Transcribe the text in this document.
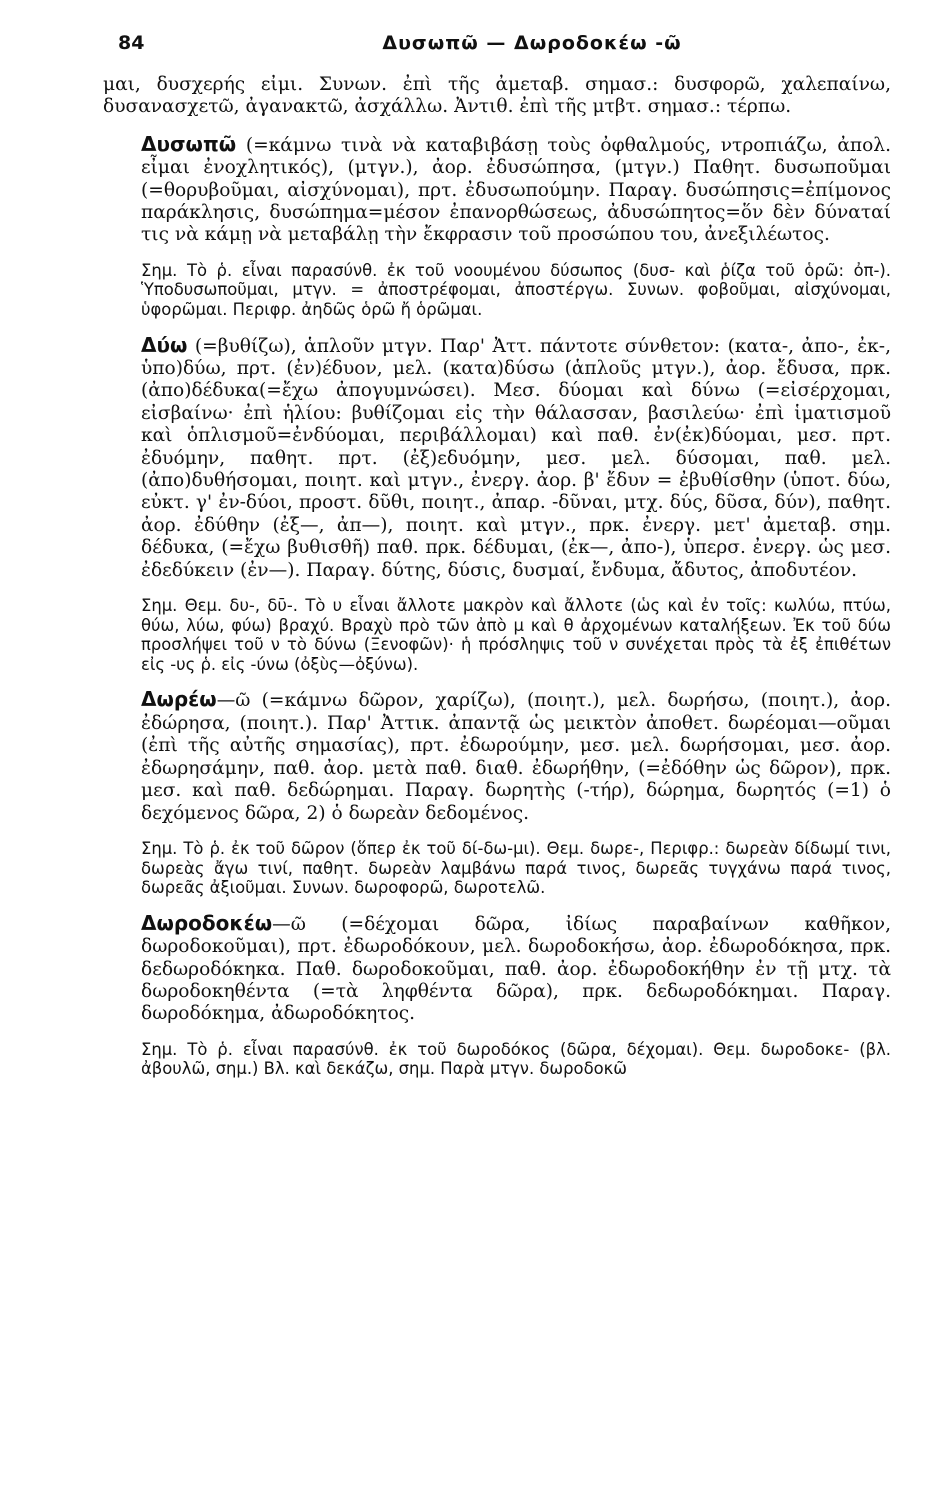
84	Δυσωπῶ — Δωροδοκέω -ῶ

μαι, δυσχερής εἰμι. Συνων. ἐπὶ τῆς ἀμεταβ. σημασ.: δυσφορῶ, χαλεπαίνω, δυσανασχετῶ, ἀγανακτῶ, ἀσχάλλω. Ἀντιθ. ἐπὶ τῆς μτβτ. σημασ.: τέρπω.

Δυσωπῶ (=κάμνω τινὰ νὰ καταβιβάσῃ τοὺς ὀφθαλμούς, ντροπιάζω, ἀπολ. εἶμαι ἐνοχλητικός), (μτγν.), ἀορ. ἐδυσώπησα, (μτγν.) Παθητ. δυσωποῦμαι (=θορυβοῦμαι, αἰσχύνομαι), πρτ. ἐδυσωπούμην. Παραγ. δυσώπησις=ἐπίμονος παράκλησις, δυσώπημα=μέσον ἐπανορθώσεως, ἀδυσώπητος=ὅν δὲν δύναταί τις νὰ κάμῃ νὰ μεταβάλῃ τὴν ἔκφρασιν τοῦ προσώπου του, ἀνεξιλέωτος.

Σημ. Τὸ ῥ. εἶναι παρασύνθ. ἐκ τοῦ νοουμένου δύσωπος (δυσ- καὶ ῥίζα τοῦ ὁρῶ: ὀπ-). Ὑποδυσωποῦμαι, μτγν. = ἀποστρέφομαι, ἀποστέργω. Συνων. φοβοῦμαι, αἰσχύνομαι, ὑφορῶμαι. Περιφρ. ἀηδῶς ὁρῶ ἤ ὁρῶμαι.

Δύω (=βυθίζω), ἁπλοῦν μτγν. Παρ' Ἀττ. πάντοτε σύνθετον: (κατα-, ἀπο-, ἐκ-, ὑπο)δύω, πρτ. (ἐν)έδυον, μελ. (κατα)δύσω (ἁπλοῦς μτγν.), ἀορ. ἔδυσα, πρκ. (ἀπο)δέδυκα(=ἔχω ἀπογυμνώσει). Μεσ. δύομαι καὶ δύνω (=εἰσέρχομαι, εἰσβαίνω· ἐπὶ ἡλίου: βυθίζομαι εἰς τὴν θάλασσαν, βασιλεύω· ἐπὶ ἱματισμοῦ καὶ ὁπλισμοῦ=ἐνδύομαι, περιβάλλομαι) καὶ παθ. ἐν(ἐκ)δύομαι, μεσ. πρτ. ἐδυόμην, παθητ. πρτ. (ἐξ)εδυόμην, μεσ. μελ. δύσομαι, παθ. μελ. (ἀπο)δυθήσομαι, ποιητ. καὶ μτγν., ἐνεργ. ἀορ. β' ἔδυν = ἐβυθίσθην (ὑποτ. δύω, εὐκτ. γ' ἐν-δύοι, προστ. δῦθι, ποιητ., ἀπαρ. -δῦναι, μτχ. δύς, δῦσα, δύν), παθητ. ἀορ. ἐδύθην (ἐξ—, ἀπ—), ποιητ. καὶ μτγν., πρκ. ἐνεργ. μετ' ἀμεταβ. σημ. δέδυκα, (=ἔχω βυθισθῆ) παθ. πρκ. δέδυμαι, (ἐκ—, ἀπο-), ὑπερσ. ἐνεργ. ὡς μεσ. ἐδεδύκειν (ἐν—). Παραγ. δύτης, δύσις, δυσμαί, ἔνδυμα, ἄδυτος, ἀποδυτέον.

Σημ. Θεμ. δυ-, δῡ-. Τὸ υ εἶναι ἄλλοτε μακρὸν καὶ ἄλλοτε (ὡς καὶ ἐν τοῖς: κωλύω, πτύω, θύω, λύω, φύω) βραχύ. Βραχὺ πρὸ τῶν ἀπὸ μ καὶ θ ἀρχομένων καταλήξεων. Ἐκ τοῦ δύω προσλήψει τοῦ ν τὸ δύνω (Ξενοφῶν)· ἡ πρόσληψις τοῦ ν συνέχεται πρὸς τὰ ἐξ ἐπιθέτων εἰς -υς ῥ. εἰς -ύνω (ὀξὺς—ὀξύνω).

Δωρέω—ῶ (=κάμνω δῶρον, χαρίζω), (ποιητ.), μελ. δωρήσω, (ποιητ.), ἀορ. ἐδώρησα, (ποιητ.). Παρ' Ἀττικ. ἀπαντᾷ ὡς μεικτὸν ἀποθετ. δωρέομαι—οῦμαι (ἐπὶ τῆς αὐτῆς σημασίας), πρτ. ἐδωρούμην, μεσ. μελ. δωρήσομαι, μεσ. ἀορ. ἐδωρησάμην, παθ. ἀορ. μετὰ παθ. διαθ. ἐδωρήθην, (=ἐδόθην ὡς δῶρον), πρκ. μεσ. καὶ παθ. δεδώρημαι. Παραγ. δωρητὴς (-τήρ), δώρημα, δωρητός (=1) ὁ δεχόμενος δῶρα, 2) ὁ δωρεὰν δεδομένος.

Σημ. Τὸ ῥ. ἐκ τοῦ δῶρον (ὅπερ ἐκ τοῦ δί-δω-μι). Θεμ. δωρε-, Περιφρ.: δωρεὰν δίδωμί τινι, δωρεὰς ἄγω τινί, παθητ. δωρεὰν λαμβάνω παρά τινος, δωρεᾶς τυγχάνω παρά τινος, δωρεᾶς ἀξιοῦμαι. Συνων. δωροφορῶ, δωροτελῶ.

Δωροδοκέω—ῶ (=δέχομαι δῶρα, ἰδίως παραβαίνων καθῆκον, δωροδοκοῦμαι), πρτ. ἐδωροδόκουν, μελ. δωροδοκήσω, ἀορ. ἐδωροδόκησα, πρκ. δεδωροδόκηκα. Παθ. δωροδοκοῦμαι, παθ. ἀορ. ἐδωροδοκήθην ἐν τῇ μτχ. τὰ δωροδοκηθέντα (=τὰ ληφθέντα δῶρα), πρκ. δεδωροδόκημαι. Παραγ. δωροδόκημα, ἀδωροδόκητος.

Σημ. Τὸ ῥ. εἶναι παρασύνθ. ἐκ τοῦ δωροδόκος (δῶρα, δέχομαι). Θεμ. δωροδοκε- (βλ. ἀβουλῶ, σημ.) Βλ. καὶ δεκάζω, σημ. Παρὰ μτγν. δωροδοκῶ
